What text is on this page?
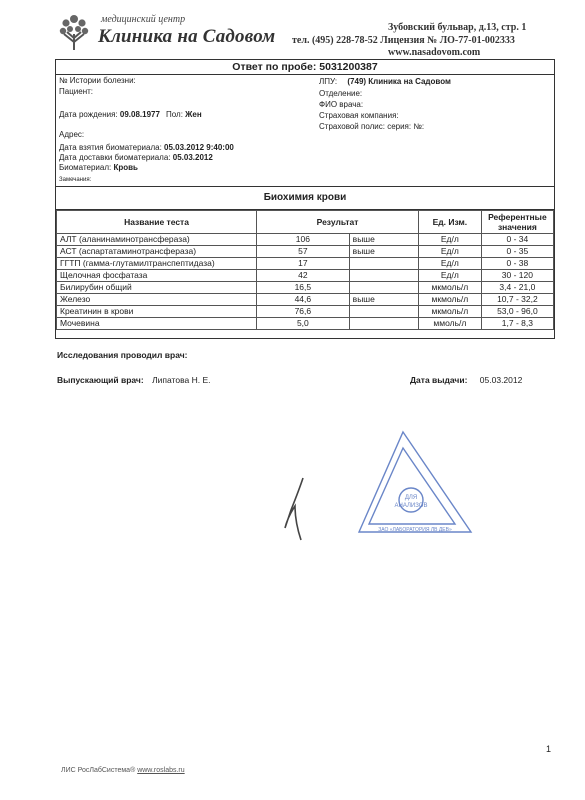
медицинский центр
Клиника на Садовом	Зубовский бульвар, д.13, стр. 1
тел. (495) 228-78-52 Лицензия № ЛО-77-01-002333
www.nasadovom.com
Ответ по пробе: 5031200387
№ Истории болезни:
Пациент:
Дата рождения: 09.08.1977 Пол: Жен
Адрес:
Дата взятия биоматериала: 05.03.2012 9:40:00
Дата доставки биоматериала: 05.03.2012
Биоматериал: Кровь
Замечания:
ЛПУ: (749) Клиника на Садовом
Отделение:
ФИО врача:
Страховая компания:
Страховой полис: серия: №:
Биохимия крови
Название теста	Результат		Ед. Изм.	Референтные значения
АЛТ (аланинаминотрансфераза)	106	выше	Ед/л	0 - 34
АСТ (аспартатаминотрансфераза)	57	выше	Ед/л	0 - 35
ГГТП (гамма-глутамилтранспептидаза)	17		Ед/л	0 - 38
Щелочная фосфатаза	42		Ед/л	30 - 120
Билирубин общий	16,5		мкмоль/л	3,4 - 21,0
Железо	44,6	выше	мкмоль/л	10,7 - 32,2
Креатинин в крови	76,6		мкмоль/л	53,0 - 96,0
Мочевина	5,0		ммоль/л	1,7 - 8,3
Исследования проводил врач:
Выпускающий врач: Липатова Н. Е.	Дата выдачи: 05.03.2012
ДЛЯ
АНАЛИЗОВ
ЗАО «ЛАБОРАТОРИЯ ЛВ ДЕВ»
1
ЛИС РосЛабСистема® www.roslabs.ru
